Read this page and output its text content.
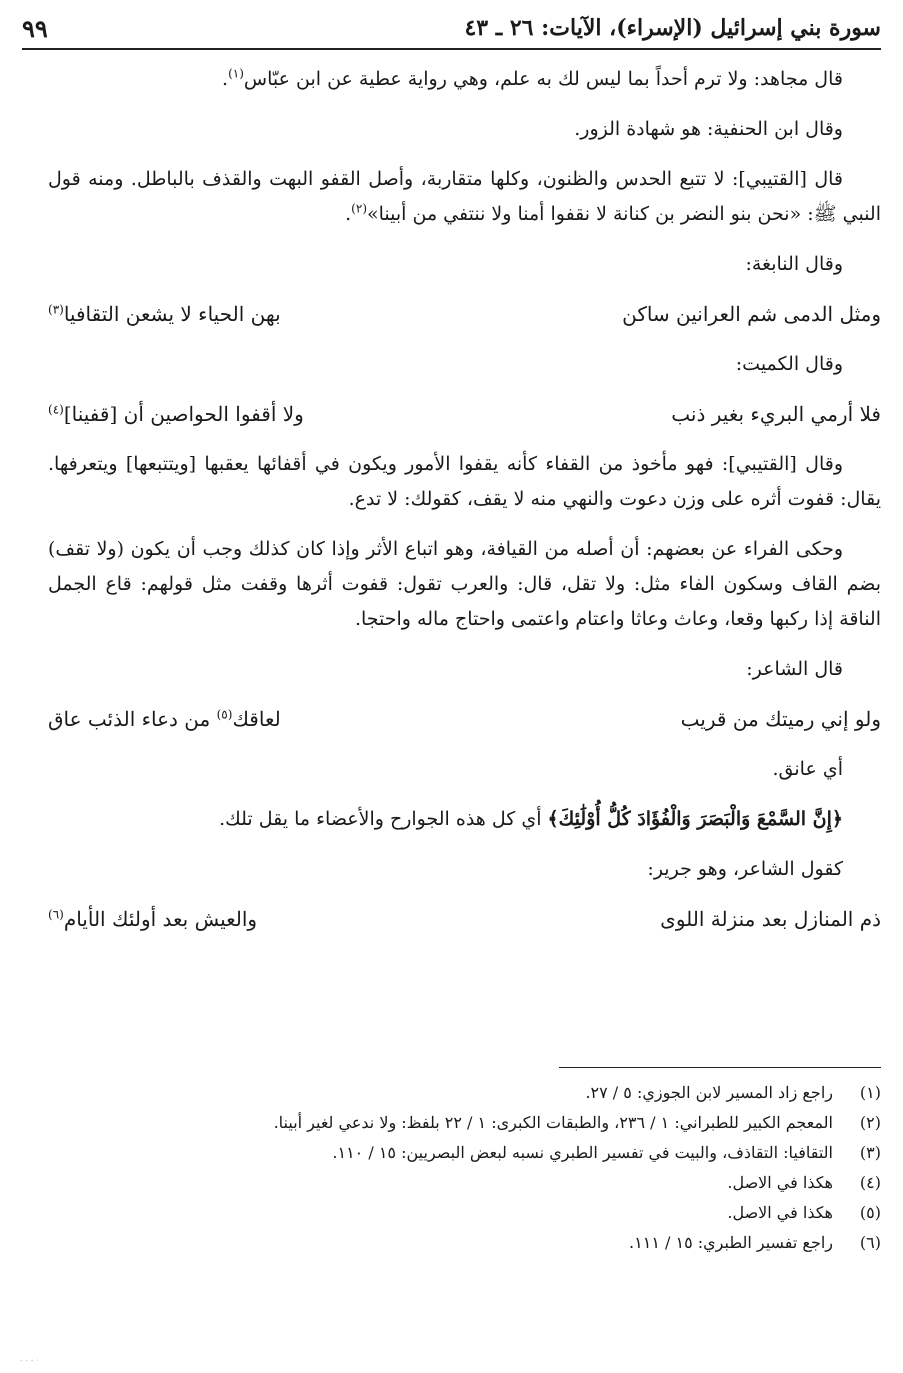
سورة بني إسرائيل (الإسراء)، الآيات: ٢٦ ـ ٤٣
٩٩

قال مجاهد: ولا ترم أحداً بما ليس لك به علم، وهي رواية عطية عن ابن عبّاس$^{(١)}$.

وقال ابن الحنفية: هو شهادة الزور.

قال [القتيبي]: لا تتبع الحدس والظنون، وكلها متقاربة، وأصل القفو البهت والقذف بالباطل. ومنه قول النبي ﷺ: «نحن بنو النضر بن كنانة لا نقفوا أمنا ولا ننتفي من أبينا»$^{(٢)}$.

وقال النابغة:

ومثل الدمى شم العرانين ساكن
بهن الحياء لا يشعن التقافيا$^{(٣)}$

وقال الكميت:

فلا أرمي البريء بغير ذنب
ولا أقفوا الحواصين أن [قفينا]$^{(٤)}$

وقال [القتيبي]: فهو مأخوذ من القفاء كأنه يقفوا الأمور ويكون في أقفائها يعقبها [ويتتبعها] ويتعرفها. يقال: قفوت أثره على وزن دعوت والنهي منه لا يقف، كقولك: لا تدع.

وحكى الفراء عن بعضهم: أن أصله من القيافة، وهو اتباع الأثر وإذا كان كذلك وجب أن يكون (ولا تقف) بضم القاف وسكون الفاء مثل: ولا تقل، قال: والعرب تقول: قفوت أثرها وقفت مثل قولهم: قاع الجمل الناقة إذا ركبها وقعا، وعاث وعاثا واعتام واعتمى واحتاج ماله واحتجا.

قال الشاعر:

ولو إني رميتك من قريب
لعاقك$^{(٥)}$ من دعاء الذئب عاق

أي عانق.

﴿إِنَّ السَّمْعَ وَالْبَصَرَ وَالْفُؤَادَ كُلُّ أُوْلَٰئِكَ﴾ أي كل هذه الجوارح والأعضاء ما يقل تلك.

كقول الشاعر، وهو جرير:

ذم المنازل بعد منزلة اللوى
والعيش بعد أولئك الأيام$^{(٦)}$
(١)
راجع زاد المسير لابن الجوزي: ٥ / ٢٧.
(٢)
المعجم الكبير للطبراني: ١ / ٢٣٦، والطبقات الكبرى: ١ / ٢٢ بلفظ: ولا ندعي لغير أبينا.
(٣)
التقافيا: التقاذف، والبيت في تفسير الطبري نسبه لبعض البصريين: ١٥ / ١١٠.
(٤)
هكذا في الاصل.
(٥)
هكذا في الاصل.
(٦)
راجع تفسير الطبري: ١٥ / ١١١.
- - - ·
